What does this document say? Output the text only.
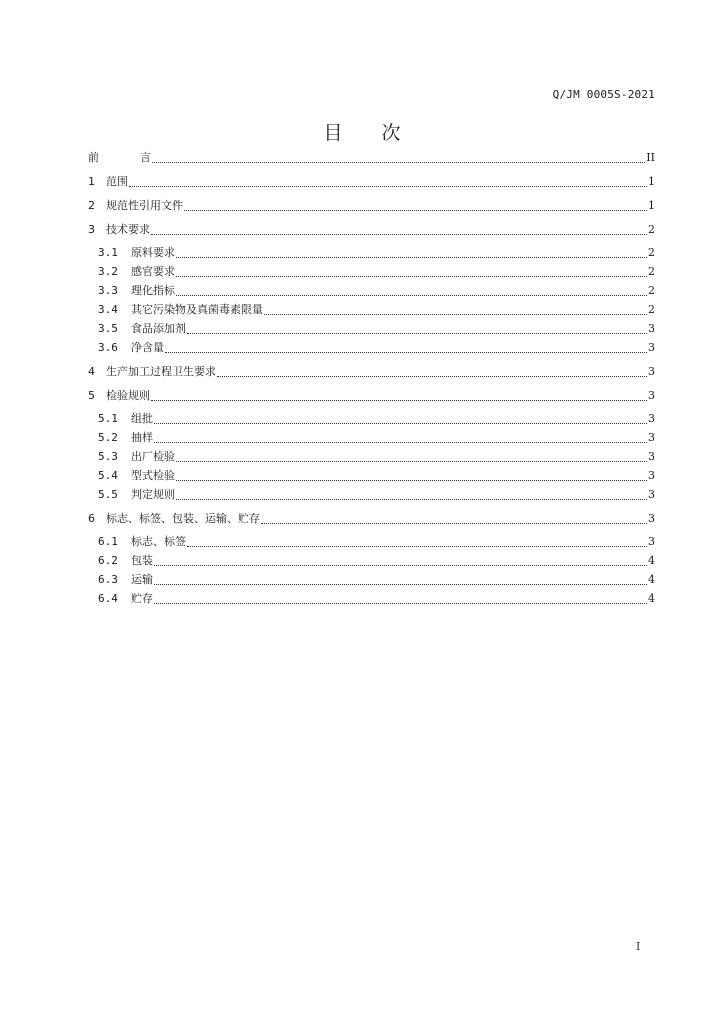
Q/JM 0005S-2021
目 次
前	言	II
1	范围	1
2	规范性引用文件	1
3	技术要求	2
3.1	原料要求	2
3.2	感官要求	2
3.3	理化指标	2
3.4	其它污染物及真菌毒素限量	2
3.5	食品添加剂	3
3.6	净含量	3
4	生产加工过程卫生要求	3
5	检验规则	3
5.1	组批	3
5.2	抽样	3
5.3	出厂检验	3
5.4	型式检验	3
5.5	判定规则	3
6	标志、标签、包装、运输、贮存	3
6.1	标志、标签	3
6.2	包装	4
6.3	运输	4
6.4	贮存	4
I
